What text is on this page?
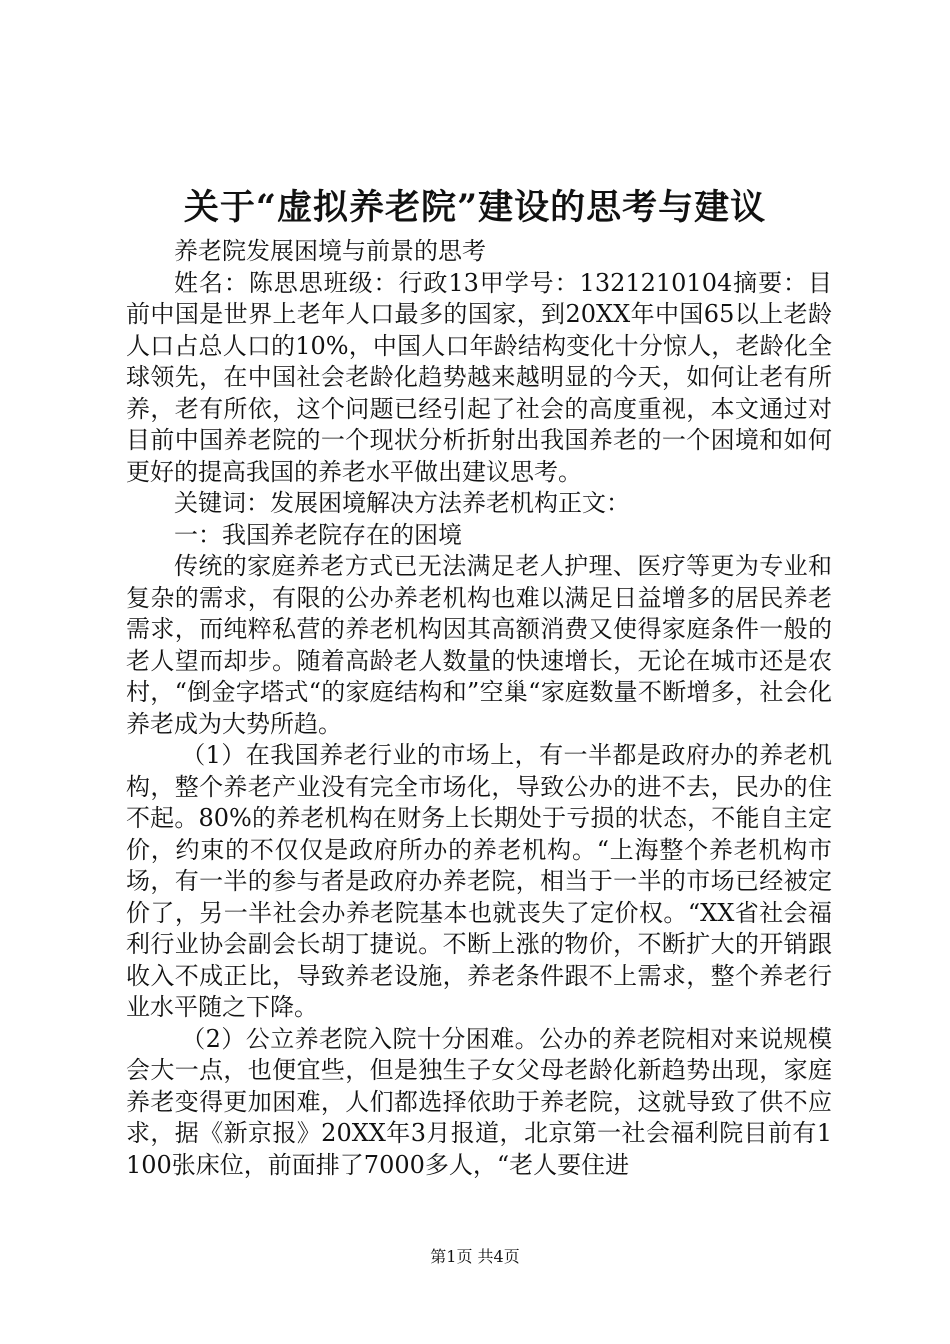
关于“虚拟养老院”建设的思考与建议

养老院发展困境与前景的思考

姓名：陈思思班级：行政13甲学号：1321210104摘要：目前中国是世界上老年人口最多的国家，到20XX年中国65以上老龄人口占总人口的10%，中国人口年龄结构变化十分惊人，老龄化全球领先，在中国社会老龄化趋势越来越明显的今天，如何让老有所养，老有所依，这个问题已经引起了社会的高度重视，本文通过对目前中国养老院的一个现状分析折射出我国养老的一个困境和如何更好的提高我国的养老水平做出建议思考。

关键词：发展困境解决方法养老机构正文：

一：我国养老院存在的困境

传统的家庭养老方式已无法满足老人护理、医疗等更为专业和复杂的需求，有限的公办养老机构也难以满足日益增多的居民养老需求，而纯粹私营的养老机构因其高额消费又使得家庭条件一般的老人望而却步。随着高龄老人数量的快速增长，无论在城市还是农村，“倒金字塔式“的家庭结构和”空巢“家庭数量不断增多，社会化养老成为大势所趋。

（1）在我国养老行业的市场上，有一半都是政府办的养老机构，整个养老产业没有完全市场化，导致公办的进不去，民办的住不起。80%的养老机构在财务上长期处于亏损的状态，不能自主定价，约束的不仅仅是政府所办的养老机构。“上海整个养老机构市场，有一半的参与者是政府办养老院，相当于一半的市场已经被定价了，另一半社会办养老院基本也就丧失了定价权。“XX省社会福利行业协会副会长胡丁捷说。不断上涨的物价，不断扩大的开销跟收入不成正比，导致养老设施，养老条件跟不上需求，整个养老行业水平随之下降。

（2）公立养老院入院十分困难。公办的养老院相对来说规模会大一点，也便宜些，但是独生子女父母老龄化新趋势出现，家庭养老变得更加困难，人们都选择依助于养老院，这就导致了供不应求，据《新京报》20XX年3月报道，北京第一社会福利院目前有1100张床位，前面排了7000多人，“老人要住进

第1页 共4页
